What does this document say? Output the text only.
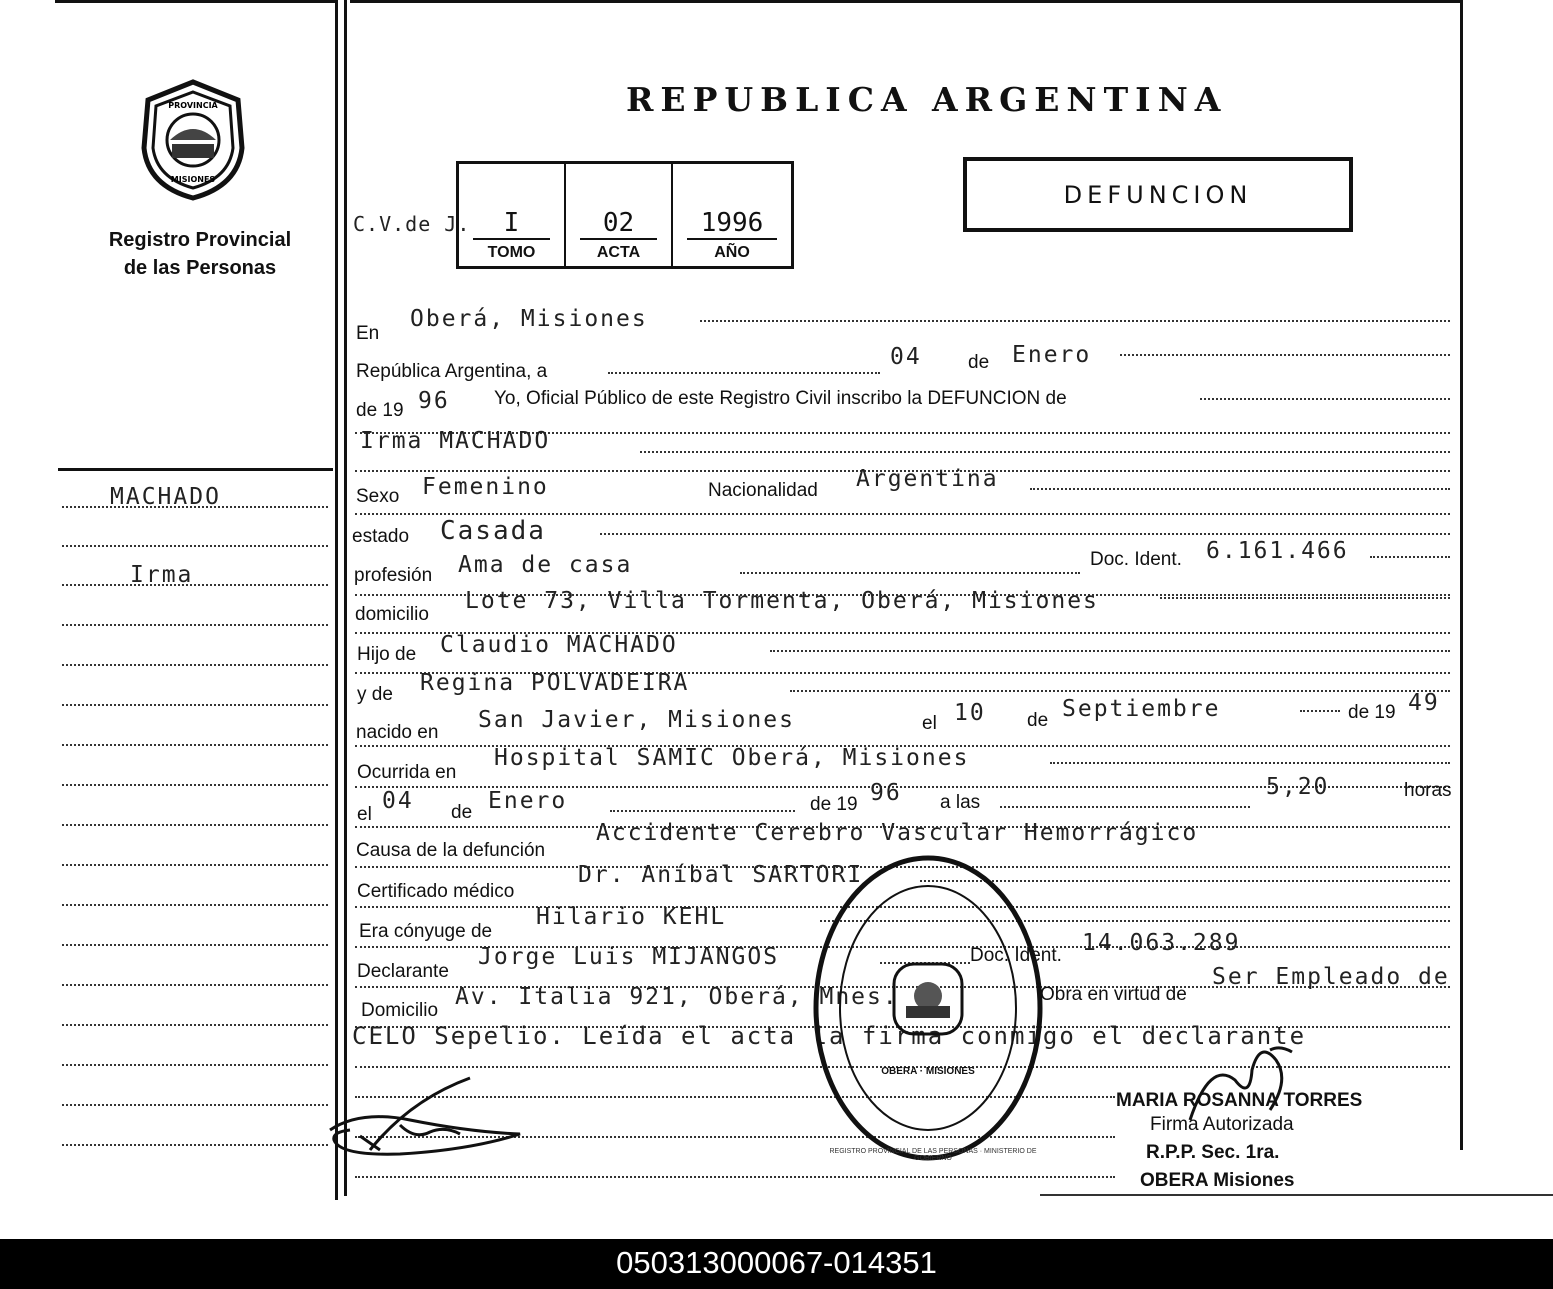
PROVINCIA
MISIONES
Registro Provincial
de las Personas
REPUBLICA ARGENTINA
C.V.de J.	I
TOMO
02
ACTA
1996
AÑO
DEFUNCION
MACHADO
Irma
En
Oberá, Misiones
República Argentina, a
04 de Enero
de 19 96 Yo, Oficial Público de este Registro Civil inscribo la DEFUNCION de
Irma MACHADO
Sexo Femenino	Nacionalidad Argentina
estado Casada
profesión Ama de casa	Doc. Ident. 6.161.466
domicilio
Lote 73, Villa Tormenta, Oberá, Misiones
Hijo de Claudio MACHADO
y de Regina POLVADEIRA
nacido en San Javier, Misiones	el 10 de Septiembre	de 19 49
Ocurrida en
Hospital SAMIC Oberá, Misiones
el
04 de Enero	de 19 96 a las
5,20	horas
Causa de la defunción
Accidente Cerebro Vascular Hemorrágico
Certificado médico
Dr. Aníbal SARTORI
Era cónyuge de
Hilario KEHL
Declarante
Jorge Luis MIJANGOS	Doc. Ident. 14.063.289
Domicilio
Av. Italia 921, Oberá, Mnes.	Obra en virtud de
Ser Empleado de
CELO Sepelio. Leída el acta la firma conmigo el declarante
REGISTRO PROVINCIAL DE LAS PERSONAS · MINISTERIO DE GOBIERNO
OBERA · MISIONES
MARIA ROSANNA TORRES
Firma Autorizada
R.P.P. Sec. 1ra.
OBERA Misiones
050313000067-014351
